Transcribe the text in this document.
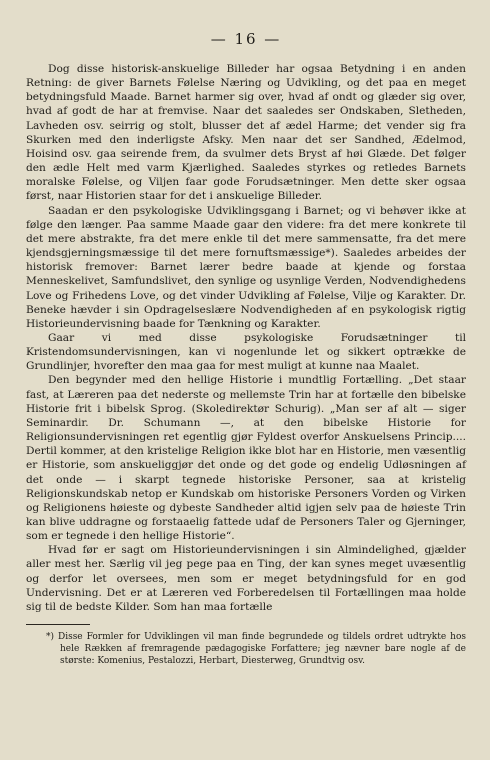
— 16 —

Dog disse historisk-anskuelige Billeder har ogsaa Betydning i en anden Retning: de giver Barnets Følelse Næring og Udvikling, og det paa en meget betydningsfuld Maade. Barnet harmer sig over, hvad af ondt og glæder sig over, hvad af godt de har at fremvise. Naar det saaledes ser Ondskaben, Sletheden, Lavheden osv. seirrig og stolt, blusser det af ædel Harme; det vender sig fra Skurken med den inderligste Afsky. Men naar det ser Sandhed, Ædelmod, Hoisind osv. gaa seirende frem, da svulmer dets Bryst af høi Glæde. Det følger den ædle Helt med varm Kjærlighed. Saaledes styrkes og retledes Barnets moralske Følelse, og Viljen faar gode Forudsætninger. Men dette sker ogsaa først, naar Historien staar for det i anskuelige Billeder.

Saadan er den psykologiske Udviklingsgang i Barnet; og vi behøver ikke at følge den længer. Paa samme Maade gaar den videre: fra det mere konkrete til det mere abstrakte, fra det mere enkle til det mere sammensatte, fra det mere kjendsgjerningsmæssige til det mere fornuftsmæssige*). Saaledes arbeides der historisk fremover: Barnet lærer bedre baade at kjende og forstaa Menneskelivet, Samfundslivet, den synlige og usynlige Verden, Nodvendighedens Love og Frihedens Love, og det vinder Udvikling af Følelse, Vilje og Karakter. Dr. Beneke hævder i sin Opdragelseslære Nodvendigheden af en psykologisk rigtig Historieundervisning baade for Tænkning og Karakter.

Gaar vi med disse psykologiske Forudsætninger til Kristendomsundervisningen, kan vi nogenlunde let og sikkert optrække de Grundlinjer, hvorefter den maa gaa for mest muligt at kunne naa Maalet.

Den begynder med den hellige Historie i mundtlig Fortælling. „Det staar fast, at Læreren paa det nederste og mellemste Trin har at fortælle den bibelske Historie frit i bibelsk Sprog. (Skoledirektør Schurig). „Man ser af alt — siger Seminardir. Dr. Schumann —, at den bibelske Historie for Religionsundervisningen ret egentlig gjør Fyldest overfor Anskuelsens Princip.... Dertil kommer, at den kristelige Religion ikke blot har en Historie, men væsentlig er Historie, som anskueliggjør det onde og det gode og endelig Udløsningen af det onde — i skarpt tegnede historiske Personer, saa at kristelig Religionskundskab netop er Kundskab om historiske Personers Vorden og Virken og Religionens høieste og dybeste Sandheder altid igjen selv paa de høieste Trin kan blive uddragne og forstaaelig fattede udaf de Personers Taler og Gjerninger, som er tegnede i den hellige Historie“.

Hvad før er sagt om Historieundervisningen i sin Almindelighed, gjælder aller mest her. Særlig vil jeg pege paa en Ting, der kan synes meget uvæsentlig og derfor let oversees, men som er meget betydningsfuld for en god Undervisning. Det er at Læreren ved Forberedelsen til Fortællingen maa holde sig til de bedste Kilder. Som han maa fortælle

*) Disse Formler for Udviklingen vil man finde begrundede og tildels ordret udtrykte hos hele Rækken af fremragende pædagogiske Forfattere; jeg nævner bare nogle af de største: Komenius, Pestalozzi, Herbart, Diesterweg, Grundtvig osv.
